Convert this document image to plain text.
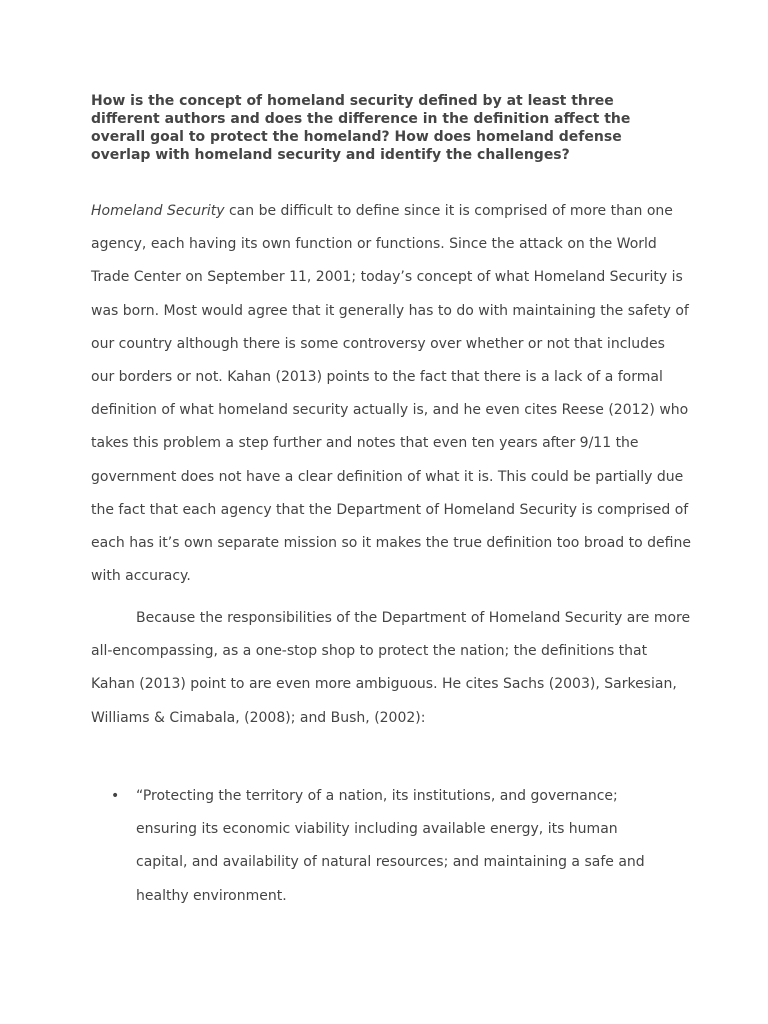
How is the concept of homeland security defined by at least three different authors and does the difference in the definition affect the overall goal to protect the homeland? How does homeland defense overlap with homeland security and identify the challenges?

Homeland Security can be difficult to define since it is comprised of more than one agency, each having its own function or functions. Since the attack on the World Trade Center on September 11, 2001; today’s concept of what Homeland Security is was born. Most would agree that it generally has to do with maintaining the safety of our country although there is some controversy over whether or not that includes our borders or not. Kahan (2013) points to the fact that there is a lack of a formal definition of what homeland security actually is, and he even cites Reese (2012) who takes this problem a step further and notes that even ten years after 9/11 the government does not have a clear definition of what it is. This could be partially due the fact that each agency that the Department of Homeland Security is comprised of each has it’s own separate mission so it makes the true definition too broad to define with accuracy.

Because the responsibilities of the Department of Homeland Security are more all-encompassing, as a one-stop shop to protect the nation; the definitions that Kahan (2013) point to are even more ambiguous. He cites Sachs (2003), Sarkesian, Williams & Cimabala, (2008); and Bush, (2002):

• “Protecting the territory of a nation, its institutions, and governance; ensuring its economic viability including available energy, its human capital, and availability of natural resources; and maintaining a safe and healthy environment.
